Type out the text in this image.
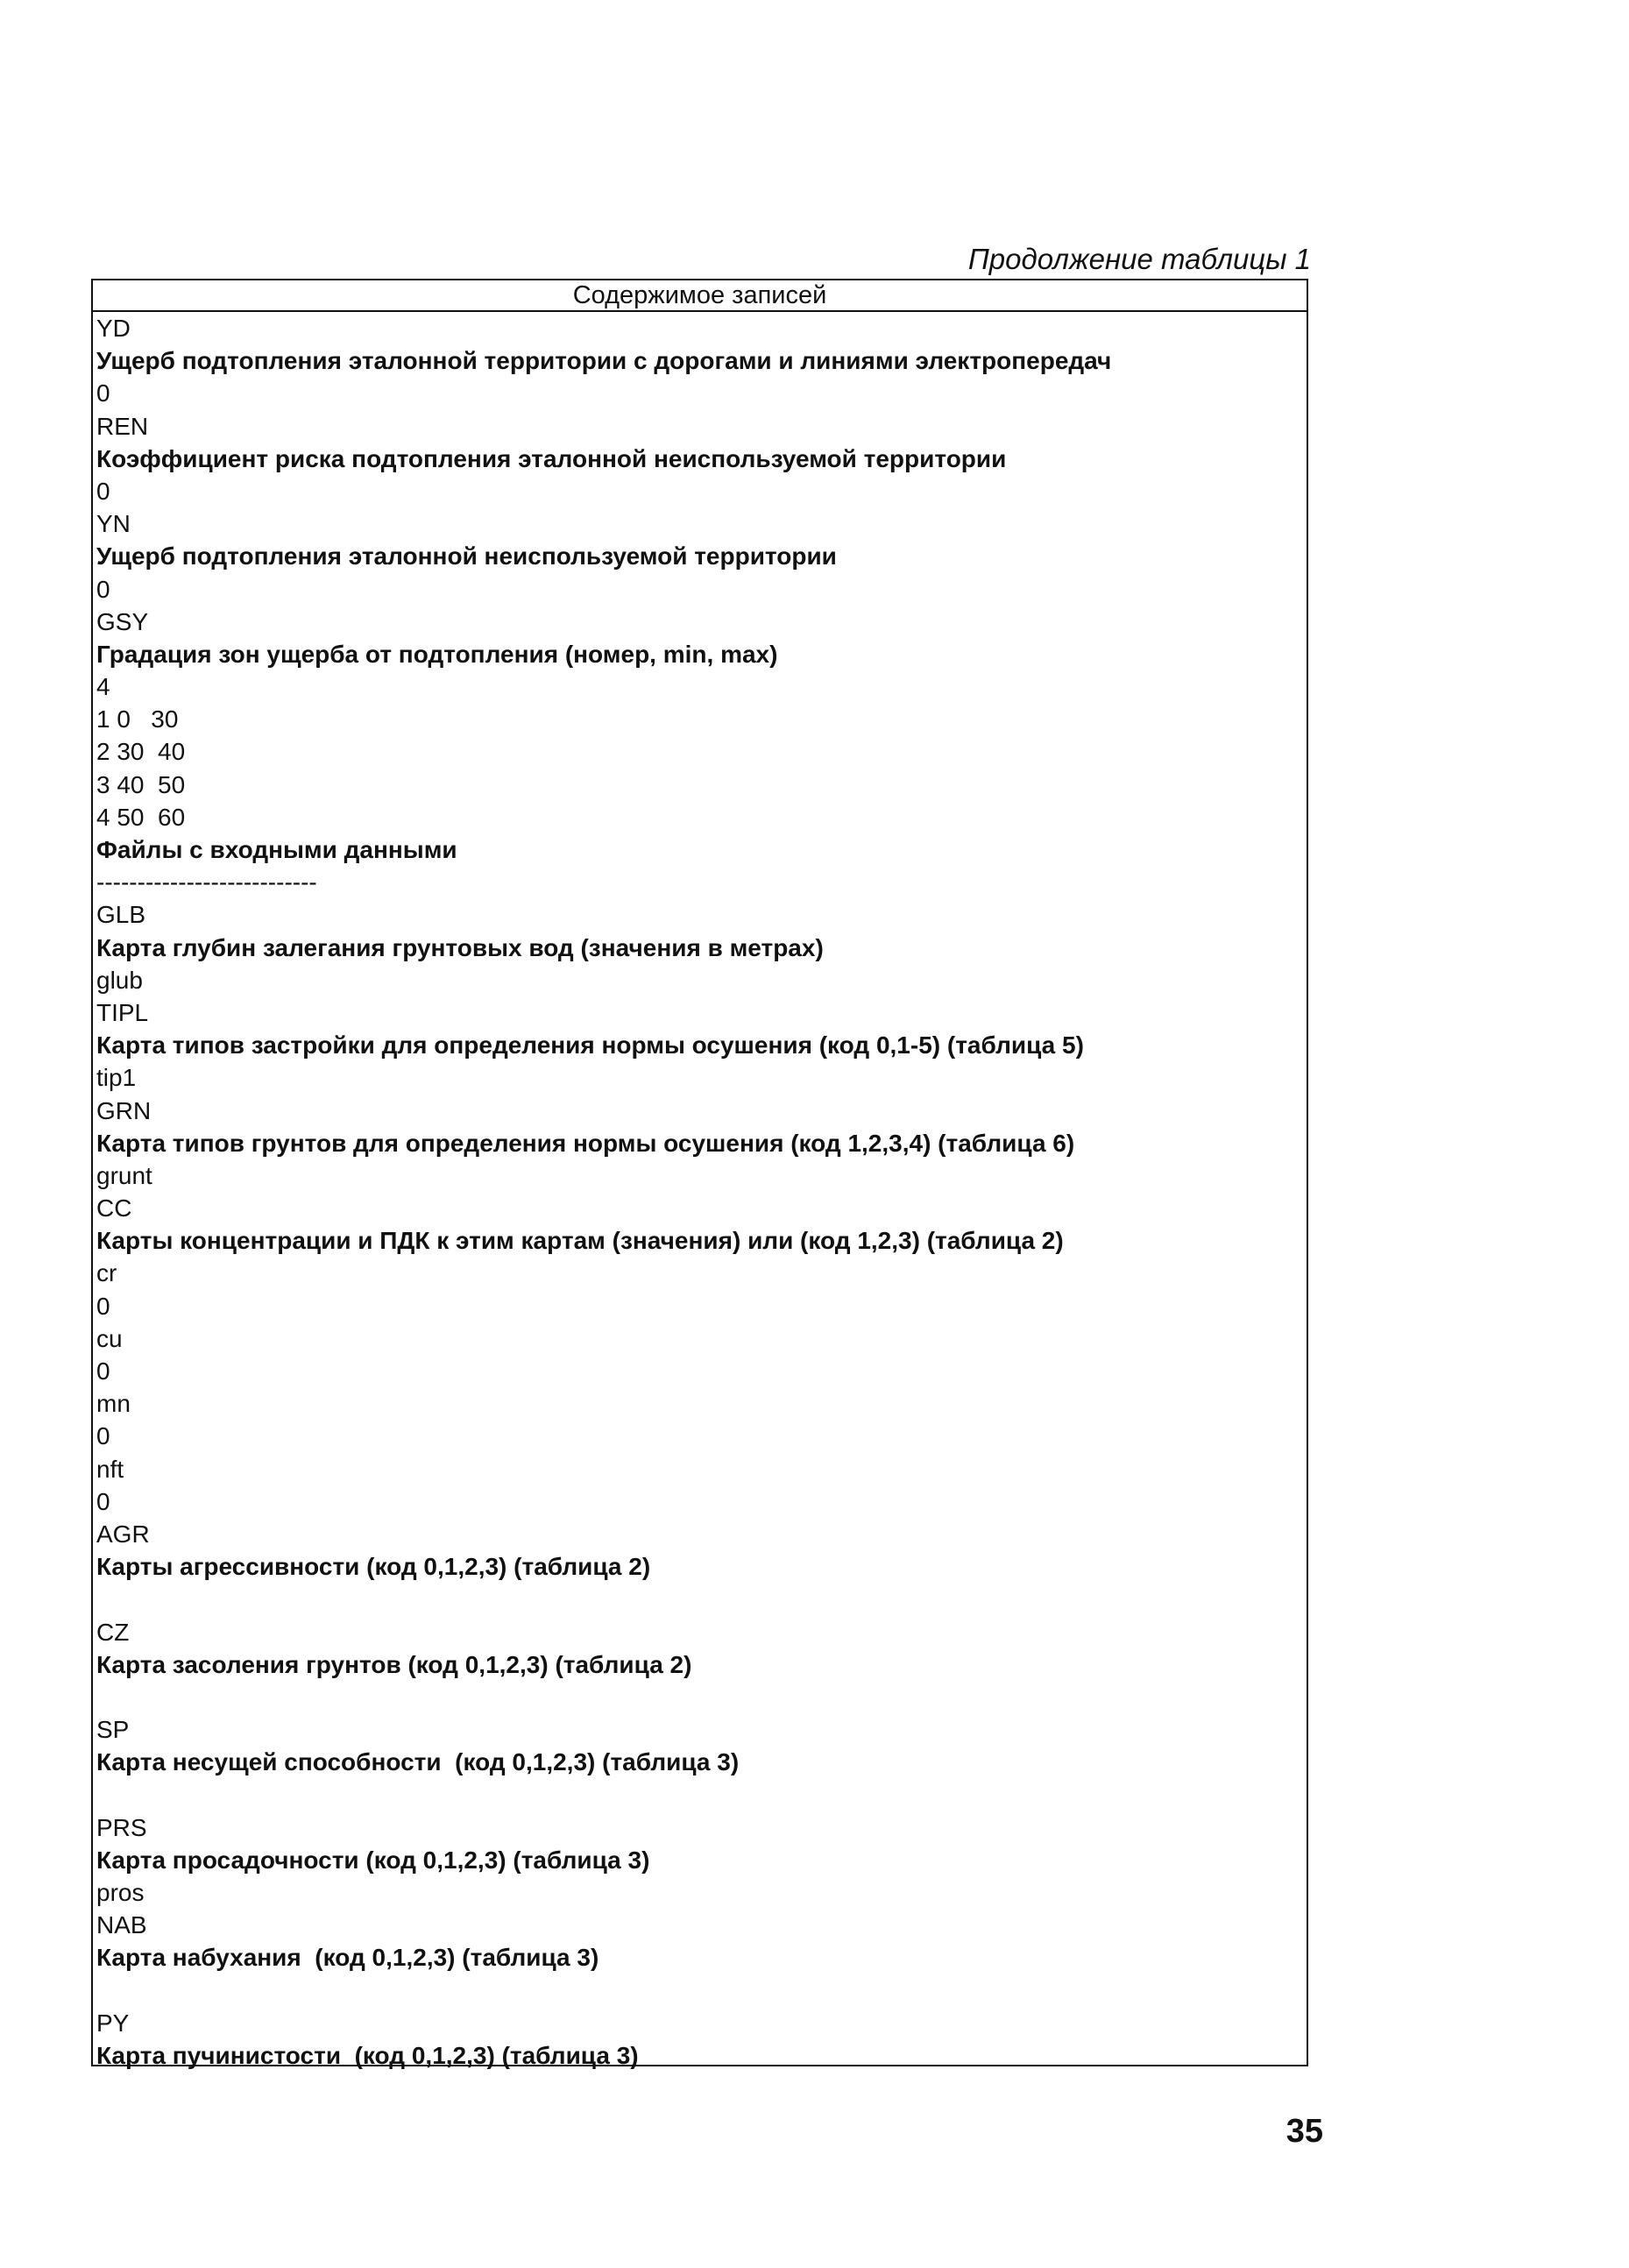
Продолжение таблицы 1
Содержимое записей
YD
Ущерб подтопления эталонной территории с дорогами и линиями электропередач
0
REN
Коэффициент риска подтопления эталонной неиспользуемой территории
0
YN
Ущерб подтопления эталонной неиспользуемой территории
0
GSY
Градация зон ущерба от подтопления (номер, min, max)
4
1 0   30
2 30  40
3 40  50
4 50  60
Файлы с входными данными
---------------------------
GLB
Карта глубин залегания грунтовых вод (значения в метрах)
glub
TIPL
Карта типов застройки для определения нормы осушения (код 0,1-5) (таблица 5)
tip1
GRN
Карта типов грунтов для определения нормы осушения (код 1,2,3,4) (таблица 6)
grunt
CC
Карты концентрации и ПДК к этим картам (значения) или (код 1,2,3) (таблица 2)
cr
0
cu
0
mn
0
nft
0
AGR
Карты агрессивности (код 0,1,2,3) (таблица 2)
CZ
Карта засоления грунтов (код 0,1,2,3) (таблица 2)
SP
Карта несущей способности  (код 0,1,2,3) (таблица 3)
PRS
Карта просадочности (код 0,1,2,3) (таблица 3)
pros
NAB
Карта набухания  (код 0,1,2,3) (таблица 3)
PY
Карта пучинистости  (код 0,1,2,3) (таблица 3)
35
